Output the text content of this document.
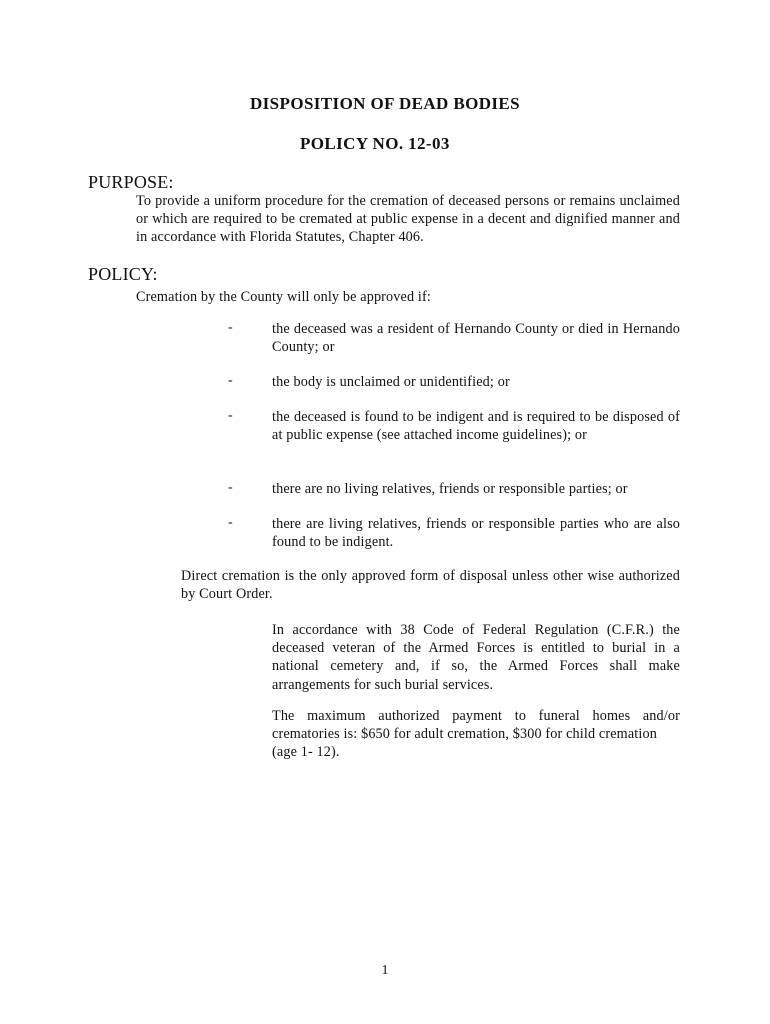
DISPOSITION OF DEAD BODIES
POLICY NO. 12-03
PURPOSE:
To provide a uniform procedure for the cremation of deceased persons or remains unclaimed or which are required to be cremated at public expense in a decent and dignified manner and in accordance with Florida Statutes, Chapter 406.
POLICY:
Cremation by the County will only be approved if:
-	the deceased was a resident of Hernando County or died in Hernando County; or
-	the body is unclaimed or unidentified; or
-	the deceased is found to be indigent and is required to be disposed of at public expense (see attached income guidelines); or
-	there are no living relatives, friends or responsible parties; or
-	there are living relatives, friends or responsible parties who are also found to be indigent.
Direct cremation is the only approved form of disposal unless other wise authorized by Court Order.
In accordance with 38 Code of Federal Regulation (C.F.R.) the deceased veteran of the Armed Forces is entitled to burial in a national cemetery and, if so, the Armed Forces shall make arrangements for such burial services.
The maximum authorized payment to funeral homes and/or crematories is: $650 for adult cremation, $300 for child cremation
(age 1- 12).
1
